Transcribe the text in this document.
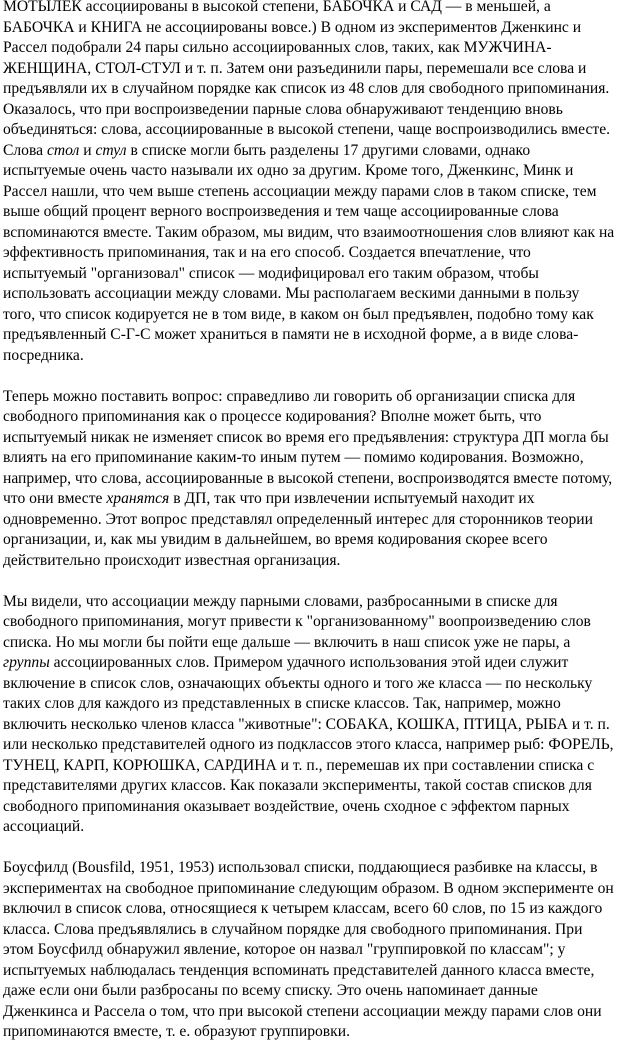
МОТЫЛЕК ассоциированы в высокой степени, БАБОЧКА и САД — в меньшей, а БАБОЧКА и КНИГА не ассоциированы вовсе.) В одном из экспериментов Дженкинс и Рассел подобрали 24 пары сильно ассоциированных слов, таких, как МУЖЧИНА-ЖЕНЩИНА, СТОЛ-СТУЛ и т. п. Затем они разъединили пары, перемешали все слова и предъявляли их в случайном порядке как список из 48 слов для свободного припоминания. Оказалось, что при воспроизведении парные слова обнаруживают тенденцию вновь объединяться: слова, ассоциированные в высокой степени, чаще воспроизводились вместе. Слова стол и стул в списке могли быть разделены 17 другими словами, однако испытуемые очень часто называли их одно за другим. Кроме того, Дженкинс, Минк и Рассел нашли, что чем выше степень ассоциации между парами слов в таком списке, тем выше общий процент верного воспроизведения и тем чаще ассоциированные слова вспоминаются вместе. Таким образом, мы видим, что взаимоотношения слов влияют как на эффективность припоминания, так и на его способ. Создается впечатление, что испытуемый "организовал" список — модифицировал его таким образом, чтобы использовать ассоциации между словами. Мы располагаем вескими данными в пользу того, что список кодируется не в том виде, в каком он был предъявлен, подобно тому как предъявленный С-Г-С может храниться в памяти не в исходной форме, а в виде слова-посредника.

Теперь можно поставить вопрос: справедливо ли говорить об организации списка для свободного припоминания как о процессе кодирования? Вполне может быть, что испытуемый никак не изменяет список во время его предъявления: структура ДП могла бы влиять на его припоминание каким-то иным путем — помимо кодирования. Возможно, например, что слова, ассоциированные в высокой степени, воспроизводятся вместе потому, что они вместе хранятся в ДП, так что при извлечении испытуемый находит их одновременно. Этот вопрос представлял определенный интерес для сторонников теории организации, и, как мы увидим в дальнейшем, во время кодирования скорее всего действительно происходит известная организация.

Мы видели, что ассоциации между парными словами, разбросанными в списке для свободного припоминания, могут привести к "организованному" воопроизведению слов списка. Но мы могли бы пойти еще дальше — включить в наш список уже не пары, а группы ассоциированных слов. Примером удачного использования этой идеи служит включение в список слов, означающих объекты одного и того же класса — по нескольку таких слов для каждого из представленных в списке классов. Так, например, можно включить несколько членов класса "животные": СОБАКА, КОШКА, ПТИЦА, РЫБА и т. п. или несколько представителей одного из подклассов этого класса, например рыб: ФОРЕЛЬ, ТУНЕЦ, КАРП, КОРЮШКА, САРДИНА и т. п., перемешав их при составлении списка с представителями других классов. Как показали эксперименты, такой состав списков для свободного припоминания оказывает воздействие, очень сходное с эффектом парных ассоциаций.

Боусфилд (Bousfild, 1951, 1953) использовал списки, поддающиеся разбивке на классы, в экспериментах на свободное припоминание следующим образом. В одном эксперименте он включил в список слова, относящиеся к четырем классам, всего 60 слов, по 15 из каждого класса. Слова предъявлялись в случайном порядке для свободного припоминания. При этом Боусфилд обнаружил явление, которое он назвал "группировкой по классам"; у испытуемых наблюдалась тенденция вспоминать представителей данного класса вместе, даже если они были разбросаны по всему списку. Это очень напоминает данные Дженкинса и Рассела о том, что при высокой степени ассоциации между парами слов они припоминаются вместе, т. е. образуют группировки.
